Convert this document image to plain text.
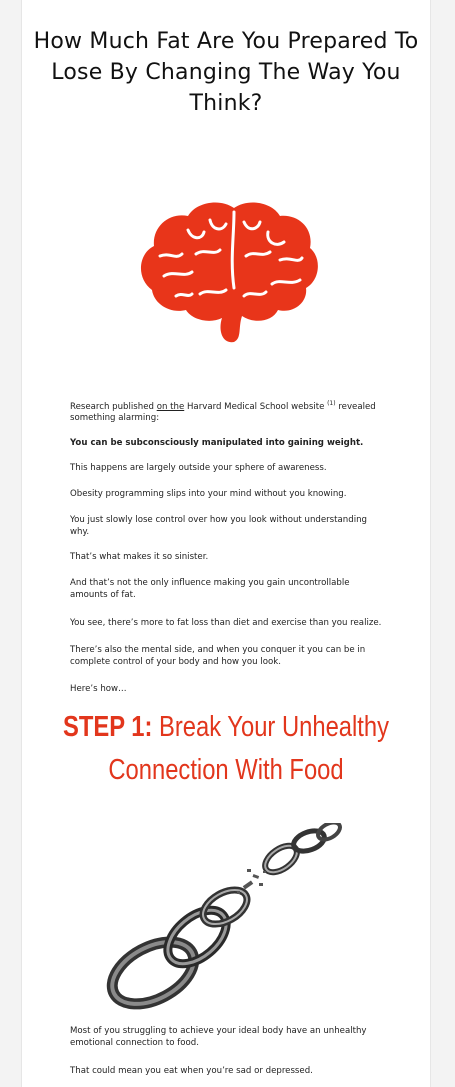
How Much Fat Are You Prepared To Lose By Changing The Way You Think?
Research published on the Harvard Medical School website $^{(1)}$ revealed something alarming:
You can be subconsciously manipulated into gaining weight.
This happens are largely outside your sphere of awareness.
Obesity programming slips into your mind without you knowing.
You just slowly lose control over how you look without understanding why.
That’s what makes it so sinister.
And that’s not the only influence making you gain uncontrollable amounts of fat.
You see, there’s more to fat loss than diet and exercise than you realize.
There’s also the mental side, and when you conquer it you can be in complete control of your body and how you look.
Here’s how…
STEP 1: Break Your Unhealthy
Connection With Food
Most of you struggling to achieve your ideal body have an unhealthy emotional connection to food.
That could mean you eat when you’re sad or depressed.
